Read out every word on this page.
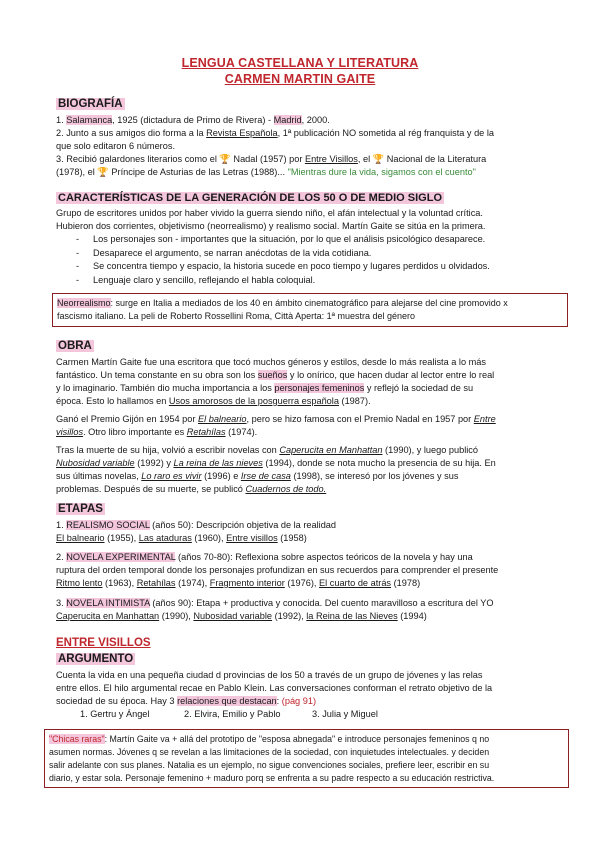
LENGUA CASTELLANA Y LITERATURA
CARMEN MARTIN GAITE
BIOGRAFÍA
1. Salamanca, 1925 (dictadura de Primo de Rivera) - Madrid, 2000.
2. Junto a sus amigos dio forma a la Revista Española, 1ª publicación NO sometida al rég franquista y de la
que solo editaron 6 números.
3. Recibió galardones literarios como el 🏆 Nadal (1957) por Entre Visillos, el 🏆 Nacional de la Literatura
(1978), el 🏆 Príncipe de Asturias de las Letras (1988)... "Mientras dure la vida, sigamos con el cuento"
CARACTERÍSTICAS DE LA GENERACIÓN DE LOS 50 O DE MEDIO SIGLO
Grupo de escritores unidos por haber vivido la guerra siendo niño, el afán intelectual y la voluntad crítica.
Hubieron dos corrientes, objetivismo (neorrealismo) y realismo social. Martín Gaite se sitúa en la primera.
- Los personajes son - importantes que la situación, por lo que el análisis psicológico desaparece.
- Desaparece el argumento, se narran anécdotas de la vida cotidiana.
- Se concentra tiempo y espacio, la historia sucede en poco tiempo y lugares perdidos u olvidados.
- Lenguaje claro y sencillo, reflejando el habla coloquial.
Neorrealismo: surge en Italia a mediados de los 40 en ámbito cinematográfico para alejarse del cine promovido x
fascismo italiano. La peli de Roberto Rossellini Roma, Città Aperta: 1ª muestra del género
OBRA
Carmen Martín Gaite fue una escritora que tocó muchos géneros y estilos, desde lo más realista a lo más
fantástico. Un tema constante en su obra son los sueños y lo onírico, que hacen dudar al lector entre lo real
y lo imaginario. También dio mucha importancia a los personajes femeninos y reflejó la sociedad de su
época. Esto lo hallamos en Usos amorosos de la posguerra española (1987).
Ganó el Premio Gijón en 1954 por El balneario, pero se hizo famosa con el Premio Nadal en 1957 por Entre
visillos. Otro libro importante es Retahílas (1974).
Tras la muerte de su hija, volvió a escribir novelas con Caperucita en Manhattan (1990), y luego publicó
Nubosidad variable (1992) y La reina de las nieves (1994), donde se nota mucho la presencia de su hija. En
sus últimas novelas, Lo raro es vivir (1996) e Irse de casa (1998), se interesó por los jóvenes y sus
problemas. Después de su muerte, se publicó Cuadernos de todo.
ETAPAS
1. REALISMO SOCIAL (años 50): Descripción objetiva de la realidad
El balneario (1955), Las ataduras (1960), Entre visillos (1958)
2. NOVELA EXPERIMENTAL (años 70-80): Reflexiona sobre aspectos teóricos de la novela y hay una
ruptura del orden temporal donde los personajes profundizan en sus recuerdos para comprender el presente
Ritmo lento (1963), Retahílas (1974), Fragmento interior (1976), El cuarto de atrás (1978)
3. NOVELA INTIMISTA (años 90): Etapa + productiva y conocida. Del cuento maravilloso a escritura del YO
Caperucita en Manhattan (1990), Nubosidad variable (1992), la Reina de las Nieves (1994)
ENTRE VISILLOS
ARGUMENTO
Cuenta la vida en una pequeña ciudad d provincias de los 50 a través de un grupo de jóvenes y las relas
entre ellos. El hilo argumental recae en Pablo Klein. Las conversaciones conforman el retrato objetivo de la
sociedad de su época. Hay 3 relaciones que destacan: (pág 91)
1. Gertru y Ángel	2. Elvira, Emilio y Pablo	3. Julia y Miguel
"Chicas raras": Martín Gaite va + allá del prototipo de "esposa abnegada" e introduce personajes femeninos q no
asumen normas. Jóvenes q se revelan a las limitaciones de la sociedad, con inquietudes intelectuales. y deciden
salir adelante con sus planes. Natalia es un ejemplo, no sigue convenciones sociales, prefiere leer, escribir en su
diario, y estar sola. Personaje femenino + maduro porq se enfrenta a su padre respecto a su educación restrictiva.
